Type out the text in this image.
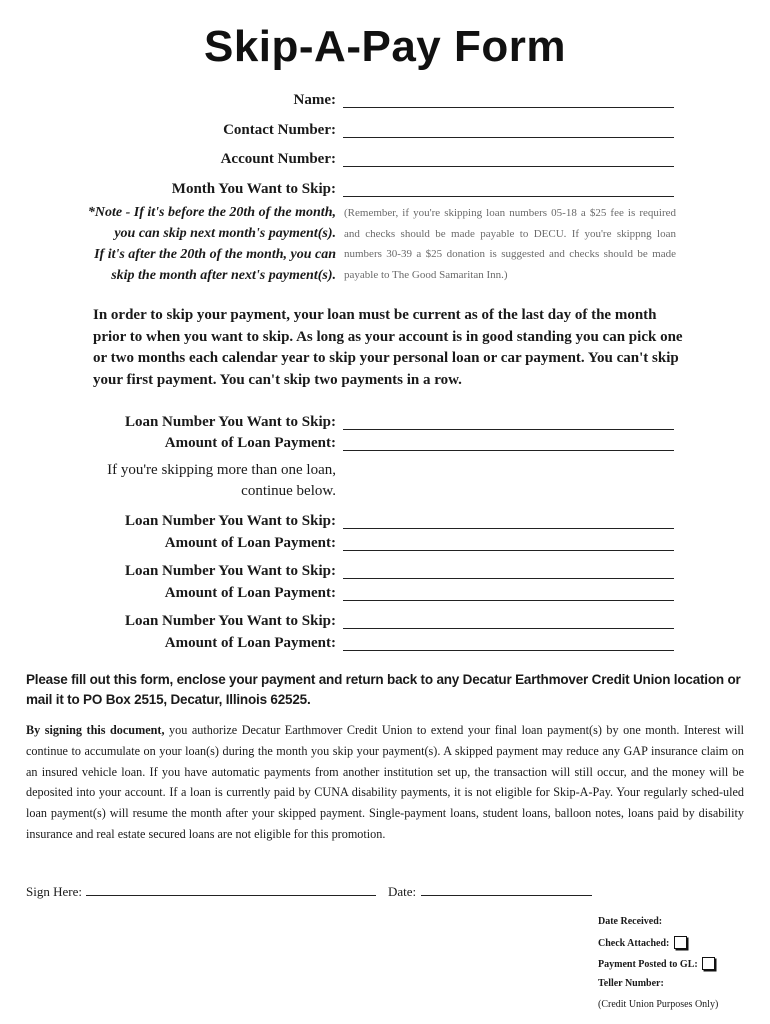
Skip-A-Pay Form
Name:
Contact Number:
Account Number:
Month You Want to Skip:
*Note - If it's before the 20th of the month,
you can skip next month's payment(s).
If it's after the 20th of the month, you can
skip the month after next's payment(s).
(Remember, if you're skipping loan numbers 05-18 a $25 fee is required and checks should be made payable to DECU. If you're skippng loan numbers 30-39 a $25 donation is suggested and checks should be made payable to The Good Samaritan Inn.)
In order to skip your payment, your loan must be current as of the last day of the month prior to when you want to skip. As long as your account is in good standing you can pick one or two months each calendar year to skip your personal loan or car payment. You can't skip your first payment. You can't skip two payments in a row.
Loan Number You Want to Skip:
Amount of Loan Payment:
If you're skipping more than one loan,
continue below.
Loan Number You Want to Skip:
Amount of Loan Payment:
Loan Number You Want to Skip:
Amount of Loan Payment:
Loan Number You Want to Skip:
Amount of Loan Payment:
Please fill out this form, enclose your payment and return back to any Decatur Earthmover Credit Union location or mail it to PO Box 2515, Decatur, Illinois 62525.
By signing this document, you authorize Decatur Earthmover Credit Union to extend your final loan payment(s) by one month. Interest will continue to accumulate on your loan(s) during the month you skip your payment(s). A skipped payment may reduce any GAP insurance claim on an insured vehicle loan. If you have automatic payments from another institution set up, the transaction will still occur, and the money will be deposited into your account. If a loan is currently paid by CUNA disability payments, it is not eligible for Skip-A-Pay. Your regularly sched-uled loan payment(s) will resume the month after your skipped payment. Single-payment loans, student loans, balloon notes, loans paid by disability insurance and real estate secured loans are not eligible for this promotion.
Sign Here:	Date:
Date Received:
Check Attached:
Payment Posted to GL:
Teller Number:
(Credit Union Purposes Only)
